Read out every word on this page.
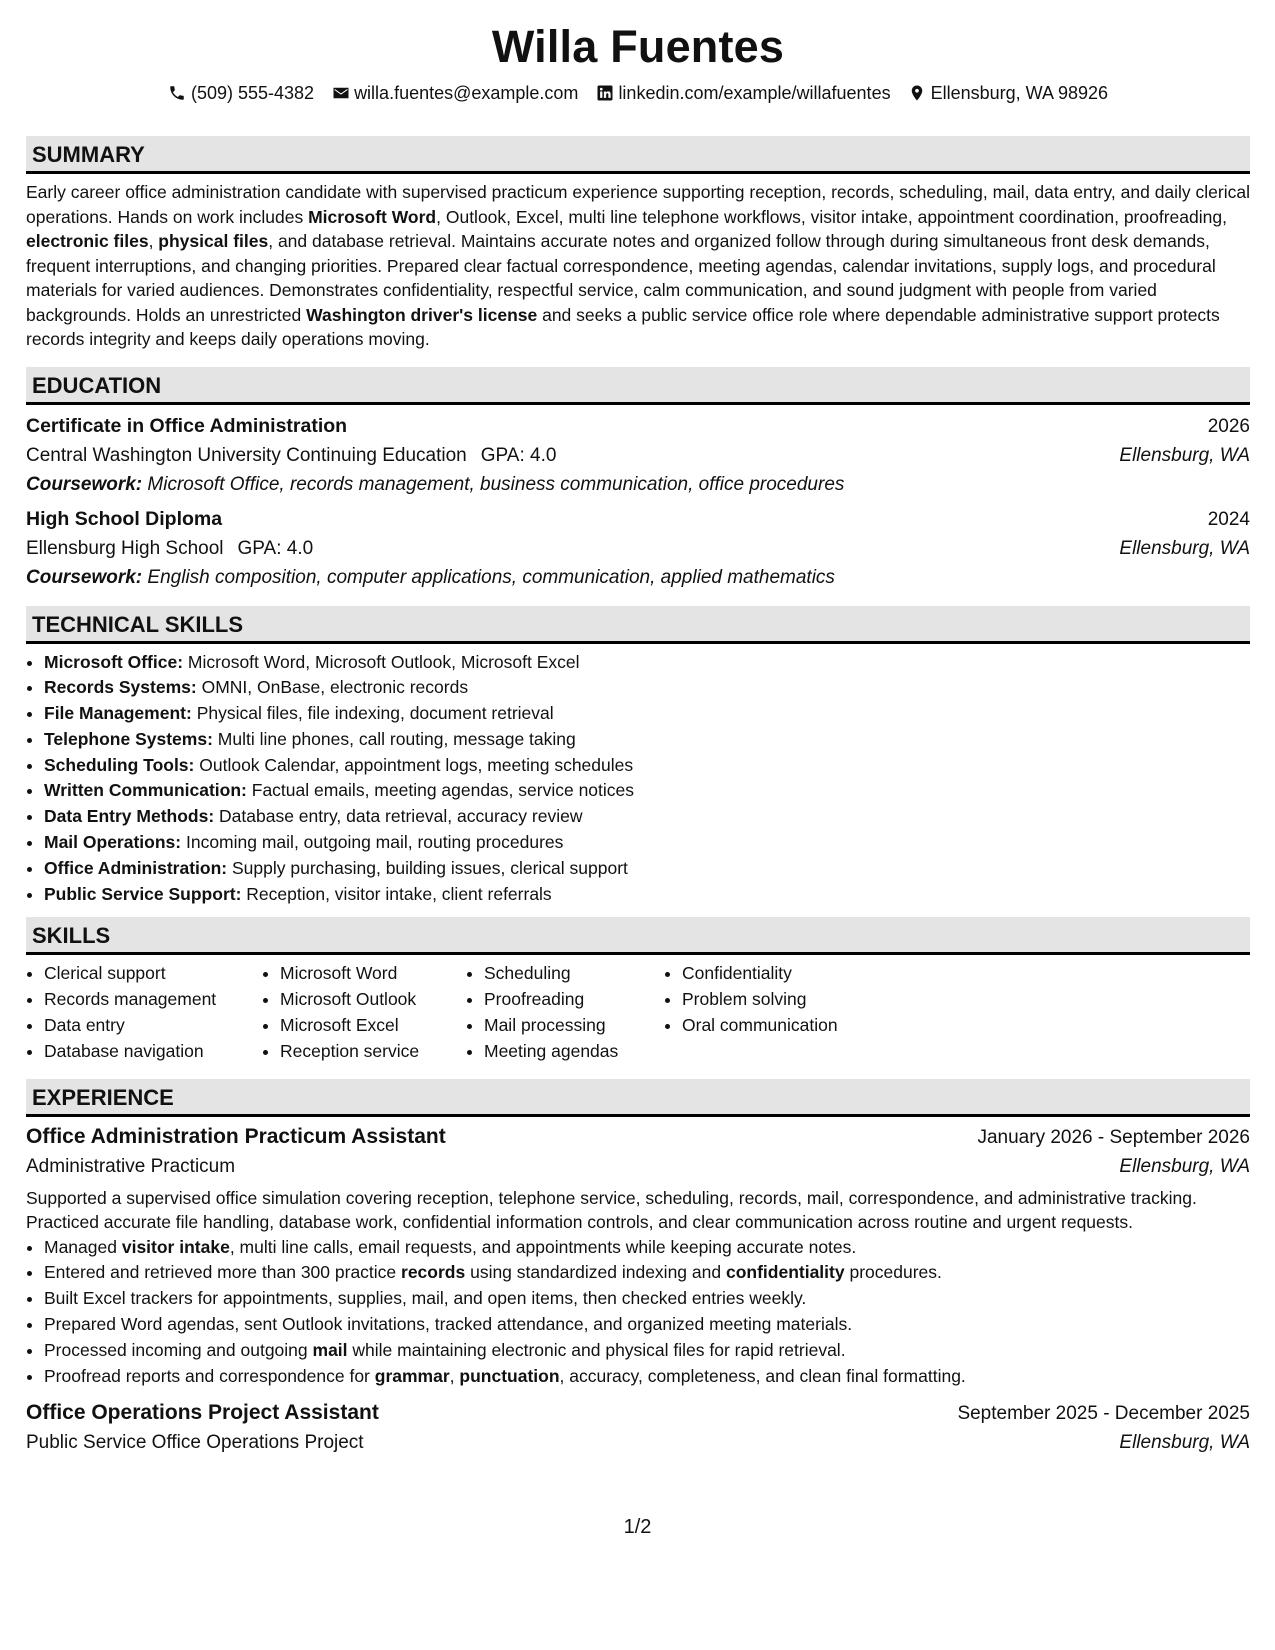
Willa Fuentes
(509) 555-4382 willa.fuentes@example.com linkedin.com/example/willafuentes Ellensburg, WA 98926
SUMMARY
Early career office administration candidate with supervised practicum experience supporting reception, records, scheduling, mail, data entry, and daily clerical operations. Hands on work includes Microsoft Word, Outlook, Excel, multi line telephone workflows, visitor intake, appointment coordination, proofreading, electronic files, physical files, and database retrieval. Maintains accurate notes and organized follow through during simultaneous front desk demands, frequent interruptions, and changing priorities. Prepared clear factual correspondence, meeting agendas, calendar invitations, supply logs, and procedural materials for varied audiences. Demonstrates confidentiality, respectful service, calm communication, and sound judgment with people from varied backgrounds. Holds an unrestricted Washington driver's license and seeks a public service office role where dependable administrative support protects records integrity and keeps daily operations moving.
EDUCATION
Certificate in Office Administration	2026
Central Washington University Continuing Education GPA: 4.0	Ellensburg, WA
Coursework: Microsoft Office, records management, business communication, office procedures
High School Diploma	2024
Ellensburg High School GPA: 4.0	Ellensburg, WA
Coursework: English composition, computer applications, communication, applied mathematics
TECHNICAL SKILLS
• Microsoft Office: Microsoft Word, Microsoft Outlook, Microsoft Excel
• Records Systems: OMNI, OnBase, electronic records
• File Management: Physical files, file indexing, document retrieval
• Telephone Systems: Multi line phones, call routing, message taking
• Scheduling Tools: Outlook Calendar, appointment logs, meeting schedules
• Written Communication: Factual emails, meeting agendas, service notices
• Data Entry Methods: Database entry, data retrieval, accuracy review
• Mail Operations: Incoming mail, outgoing mail, routing procedures
• Office Administration: Supply purchasing, building issues, clerical support
• Public Service Support: Reception, visitor intake, client referrals
SKILLS
• Clerical support
• Records management
• Data entry
• Database navigation
• Microsoft Word
• Microsoft Outlook
• Microsoft Excel
• Reception service
• Scheduling
• Proofreading
• Mail processing
• Meeting agendas
• Confidentiality
• Problem solving
• Oral communication
EXPERIENCE
Office Administration Practicum Assistant	January 2026 - September 2026
Administrative Practicum	Ellensburg, WA
Supported a supervised office simulation covering reception, telephone service, scheduling, records, mail, correspondence, and administrative tracking. Practiced accurate file handling, database work, confidential information controls, and clear communication across routine and urgent requests.
• Managed visitor intake, multi line calls, email requests, and appointments while keeping accurate notes.
• Entered and retrieved more than 300 practice records using standardized indexing and confidentiality procedures.
• Built Excel trackers for appointments, supplies, mail, and open items, then checked entries weekly.
• Prepared Word agendas, sent Outlook invitations, tracked attendance, and organized meeting materials.
• Processed incoming and outgoing mail while maintaining electronic and physical files for rapid retrieval.
• Proofread reports and correspondence for grammar, punctuation, accuracy, completeness, and clean final formatting.
Office Operations Project Assistant	September 2025 - December 2025
Public Service Office Operations Project	Ellensburg, WA
1/2
